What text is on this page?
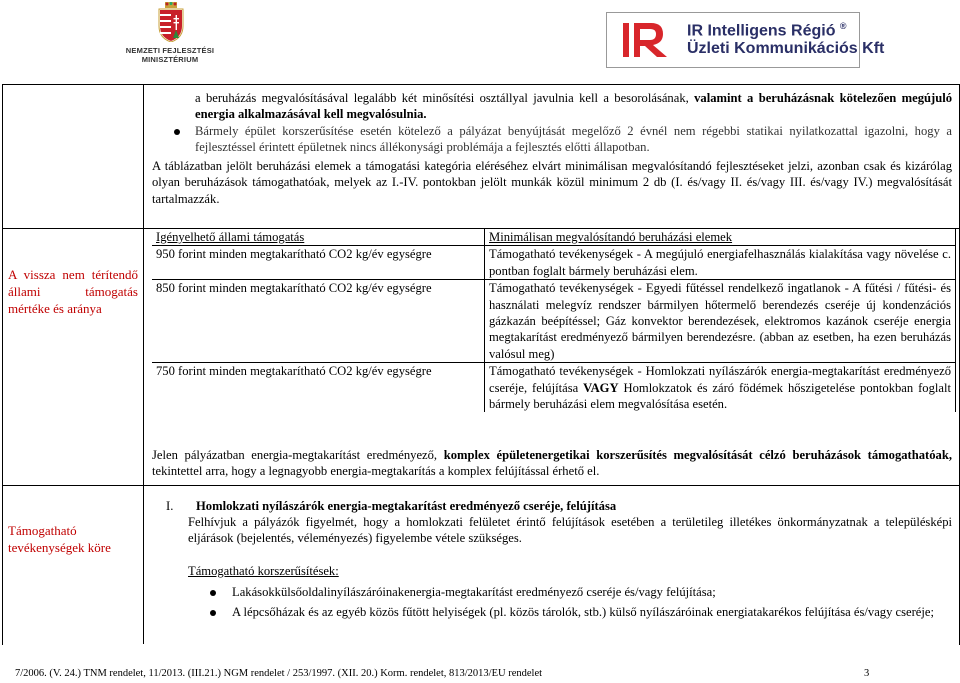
NEMZETI FEJLESZTÉSI MINISZTÉRIUM
IR Intelligens Régió ®
Üzleti Kommunikációs Kft
a beruházás megvalósításával legalább két minősítési osztállyal javulnia kell a besorolásának, valamint a beruházásnak kötelezően megújuló energia alkalmazásával kell megvalósulnia.
Bármely épület korszerűsítése esetén kötelező a pályázat benyújtását megelőző 2 évnél nem régebbi statikai nyilatkozattal igazolni, hogy a fejlesztéssel érintett épületnek nincs állékonysági problémája a fejlesztés előtti állapotban.
A táblázatban jelölt beruházási elemek a támogatási kategória eléréséhez elvárt minimálisan megvalósítandó fejlesztéseket jelzi, azonban csak és kizárólag olyan beruházások támogathatóak, melyek az I.-IV. pontokban jelölt munkák közül minimum 2 db (I. és/vagy II. és/vagy III. és/vagy IV.) megvalósítását tartalmazzák.
A vissza nem térítendő állami támogatás mértéke és aránya
Igényelhető állami támogatás	Minimálisan megvalósítandó beruházási elemek
950 forint minden megtakarítható CO2 kg/év egységre	Támogatható tevékenységek - A megújuló energiafelhasználás kialakítása vagy növelése c. pontban foglalt bármely beruházási elem.
850 forint minden megtakarítható CO2 kg/év egységre	Támogatható tevékenységek - Egyedi fűtéssel rendelkező ingatlanok - A fűtési / fűtési- és használati melegvíz rendszer bármilyen hőtermelő berendezés cseréje új kondenzációs gázkazán beépítéssel; Gáz konvektor berendezések, elektromos kazánok cseréje energia megtakarítást eredményező bármilyen berendezésre. (abban az esetben, ha ezen beruházás valósul meg)
750 forint minden megtakarítható CO2 kg/év egységre	Támogatható tevékenységek - Homlokzati nyílászárók energia-megtakarítást eredményező cseréje, felújítása VAGY Homlokzatok és záró födémek hőszigetelése pontokban foglalt bármely beruházási elem megvalósítása esetén.
Jelen pályázatban energia-megtakarítást eredményező, komplex épületenergetikai korszerűsítés megvalósítását célzó beruházások támogathatóak, tekintettel arra, hogy a legnagyobb energia-megtakarítás a komplex felújítással érhető el.
Támogatható tevékenységek köre
I. Homlokzati nyílászárók energia-megtakarítást eredményező cseréje, felújítása
Felhívjuk a pályázók figyelmét, hogy a homlokzati felületet érintő felújítások esetében a területileg illetékes önkormányzatnak a településképi eljárások (bejelentés, véleményezés) figyelembe vétele szükséges.
Támogatható korszerűsítések:
Lakásokkülsőoldalinyílászáróinakenergia-megtakarítást eredményező cseréje és/vagy felújítása;
A lépcsőházak és az egyéb közös fűtött helyiségek (pl. közös tárolók, stb.) külső nyílászáróinak energiatakarékos felújítása és/vagy cseréje;
7/2006. (V. 24.) TNM rendelet, 11/2013. (III.21.) NGM rendelet / 253/1997. (XII. 20.) Korm. rendelet, 813/2013/EU rendelet	3
